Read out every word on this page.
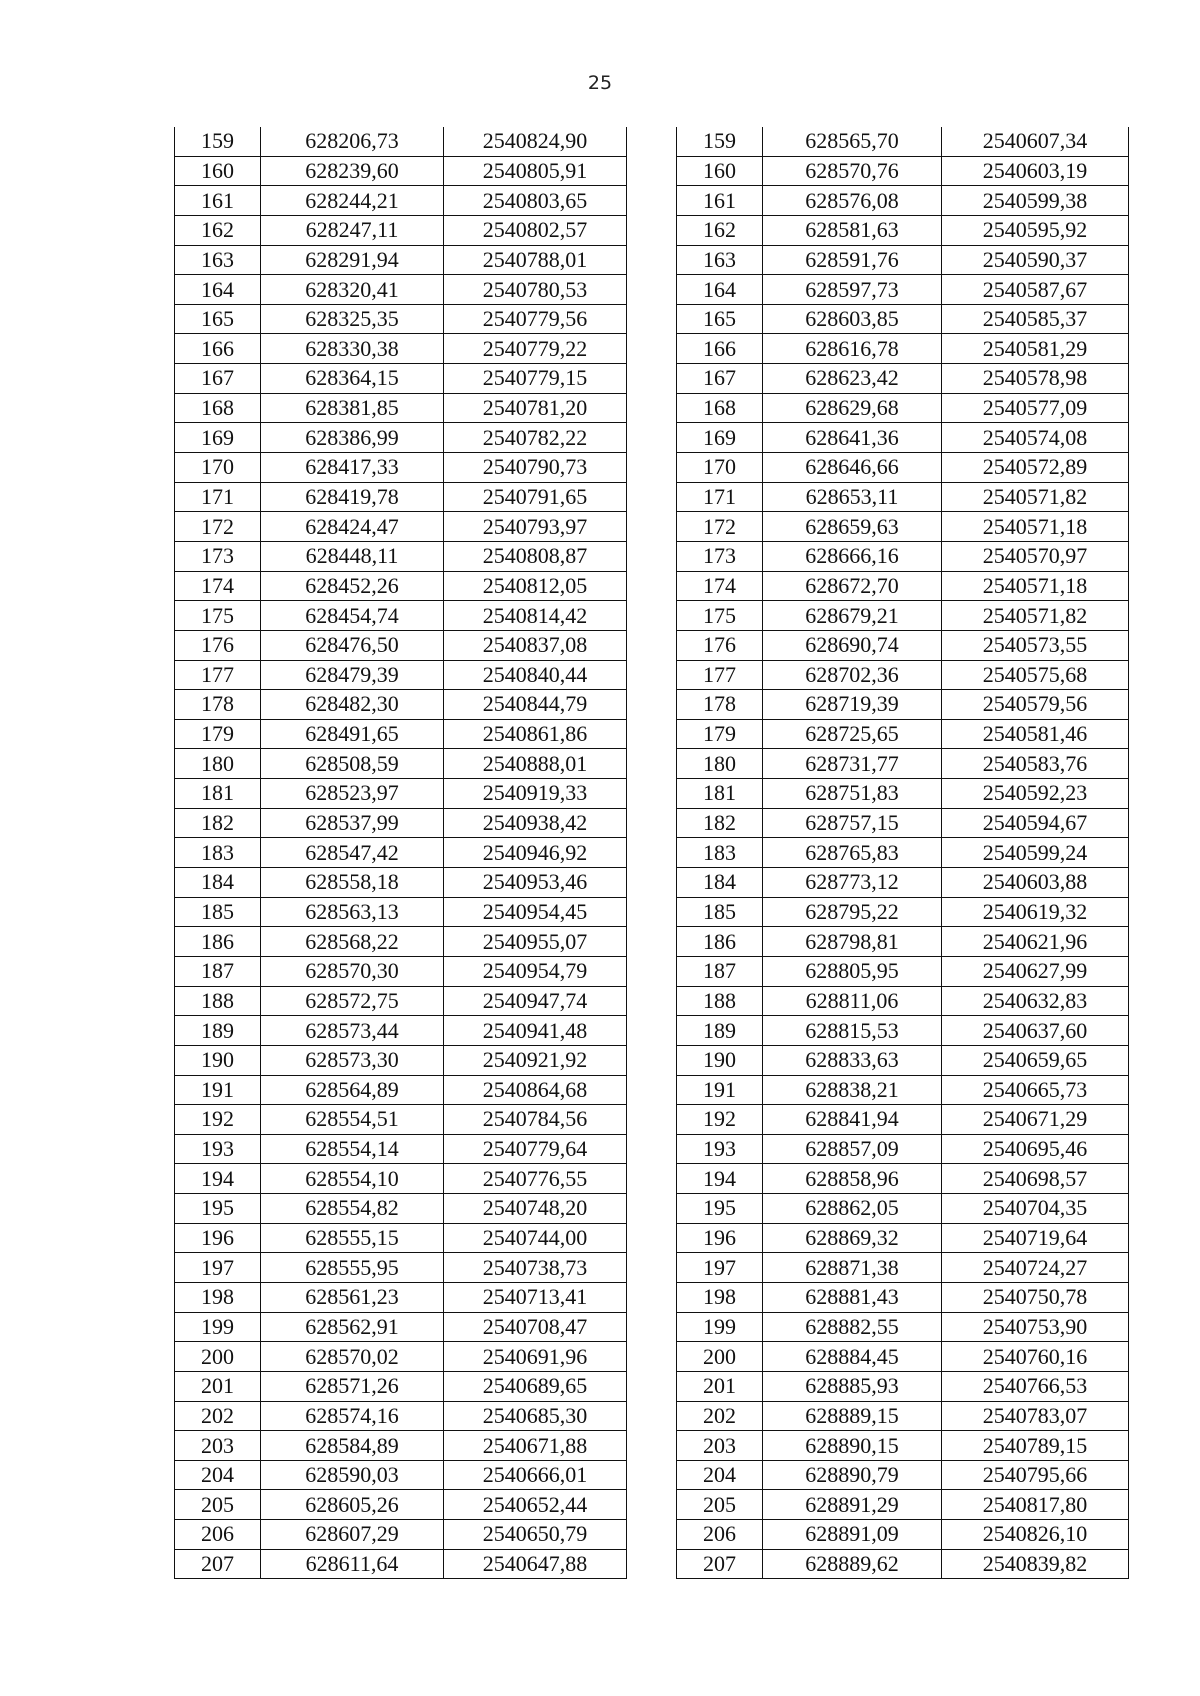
25
159	628206,73	2540824,90		159	628565,70	2540607,34
160	628239,60	2540805,91		160	628570,76	2540603,19
161	628244,21	2540803,65		161	628576,08	2540599,38
162	628247,11	2540802,57		162	628581,63	2540595,92
163	628291,94	2540788,01		163	628591,76	2540590,37
164	628320,41	2540780,53		164	628597,73	2540587,67
165	628325,35	2540779,56		165	628603,85	2540585,37
166	628330,38	2540779,22		166	628616,78	2540581,29
167	628364,15	2540779,15		167	628623,42	2540578,98
168	628381,85	2540781,20		168	628629,68	2540577,09
169	628386,99	2540782,22		169	628641,36	2540574,08
170	628417,33	2540790,73		170	628646,66	2540572,89
171	628419,78	2540791,65		171	628653,11	2540571,82
172	628424,47	2540793,97		172	628659,63	2540571,18
173	628448,11	2540808,87		173	628666,16	2540570,97
174	628452,26	2540812,05		174	628672,70	2540571,18
175	628454,74	2540814,42		175	628679,21	2540571,82
176	628476,50	2540837,08		176	628690,74	2540573,55
177	628479,39	2540840,44		177	628702,36	2540575,68
178	628482,30	2540844,79		178	628719,39	2540579,56
179	628491,65	2540861,86		179	628725,65	2540581,46
180	628508,59	2540888,01		180	628731,77	2540583,76
181	628523,97	2540919,33		181	628751,83	2540592,23
182	628537,99	2540938,42		182	628757,15	2540594,67
183	628547,42	2540946,92		183	628765,83	2540599,24
184	628558,18	2540953,46		184	628773,12	2540603,88
185	628563,13	2540954,45		185	628795,22	2540619,32
186	628568,22	2540955,07		186	628798,81	2540621,96
187	628570,30	2540954,79		187	628805,95	2540627,99
188	628572,75	2540947,74		188	628811,06	2540632,83
189	628573,44	2540941,48		189	628815,53	2540637,60
190	628573,30	2540921,92		190	628833,63	2540659,65
191	628564,89	2540864,68		191	628838,21	2540665,73
192	628554,51	2540784,56		192	628841,94	2540671,29
193	628554,14	2540779,64		193	628857,09	2540695,46
194	628554,10	2540776,55		194	628858,96	2540698,57
195	628554,82	2540748,20		195	628862,05	2540704,35
196	628555,15	2540744,00		196	628869,32	2540719,64
197	628555,95	2540738,73		197	628871,38	2540724,27
198	628561,23	2540713,41		198	628881,43	2540750,78
199	628562,91	2540708,47		199	628882,55	2540753,90
200	628570,02	2540691,96		200	628884,45	2540760,16
201	628571,26	2540689,65		201	628885,93	2540766,53
202	628574,16	2540685,30		202	628889,15	2540783,07
203	628584,89	2540671,88		203	628890,15	2540789,15
204	628590,03	2540666,01		204	628890,79	2540795,66
205	628605,26	2540652,44		205	628891,29	2540817,80
206	628607,29	2540650,79		206	628891,09	2540826,10
207	628611,64	2540647,88		207	628889,62	2540839,82
